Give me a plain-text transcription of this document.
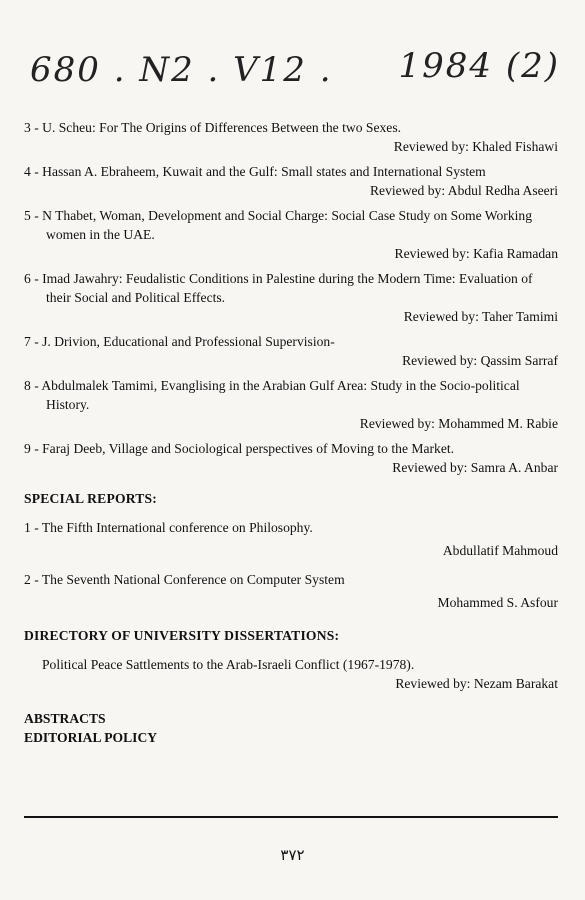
680 . N2 . V12 . 1984 (2)
3 - U. Scheu: For The Origins of Differences Between the two Sexes.
Reviewed by: Khaled Fishawi
4 - Hassan A. Ebraheem, Kuwait and the Gulf: Small states and International System
Reviewed by: Abdul Redha Aseeri
5 - N Thabet, Woman, Development and Social Charge: Social Case Study on Some Working women in the UAE.
Reviewed by: Kafia Ramadan
6 - Imad Jawahry: Feudalistic Conditions in Palestine during the Modern Time: Evaluation of their Social and Political Effects.
Reviewed by: Taher Tamimi
7 - J. Drivion, Educational and Professional Supervision-
Reviewed by: Qassim Sarraf
8 - Abdulmalek Tamimi, Evanglising in the Arabian Gulf Area: Study in the Socio-political History.
Reviewed by: Mohammed M. Rabie
9 - Faraj Deeb, Village and Sociological perspectives of Moving to the Market.
Reviewed by: Samra A. Anbar
SPECIAL REPORTS:
1 - The Fifth International conference on Philosophy.
Abdullatif Mahmoud
2 - The Seventh National Conference on Computer System
Mohammed S. Asfour
DIRECTORY OF UNIVERSITY DISSERTATIONS:
Political Peace Sattlements to the Arab-Israeli Conflict (1967-1978).
Reviewed by: Nezam Barakat
ABSTRACTS
EDITORIAL POLICY
٣٧٢
